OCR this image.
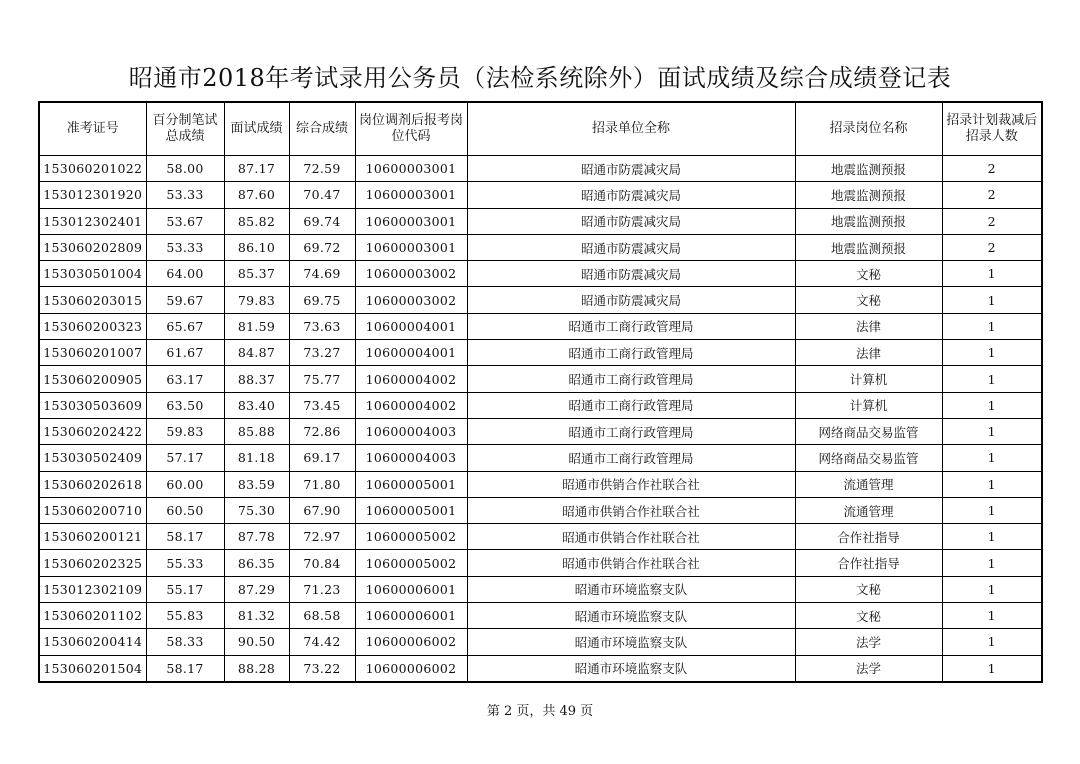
昭通市2018年考试录用公务员（法检系统除外）面试成绩及综合成绩登记表
准考证号	百分制笔试总成绩	面试成绩	综合成绩	岗位调剂后报考岗位代码	招录单位全称	招录岗位名称	招录计划裁减后招录人数
153060201022	58.00	87.17	72.59	10600003001	昭通市防震减灾局	地震监测预报	2
153012301920	53.33	87.60	70.47	10600003001	昭通市防震减灾局	地震监测预报	2
153012302401	53.67	85.82	69.74	10600003001	昭通市防震减灾局	地震监测预报	2
153060202809	53.33	86.10	69.72	10600003001	昭通市防震减灾局	地震监测预报	2
153030501004	64.00	85.37	74.69	10600003002	昭通市防震减灾局	文秘	1
153060203015	59.67	79.83	69.75	10600003002	昭通市防震减灾局	文秘	1
153060200323	65.67	81.59	73.63	10600004001	昭通市工商行政管理局	法律	1
153060201007	61.67	84.87	73.27	10600004001	昭通市工商行政管理局	法律	1
153060200905	63.17	88.37	75.77	10600004002	昭通市工商行政管理局	计算机	1
153030503609	63.50	83.40	73.45	10600004002	昭通市工商行政管理局	计算机	1
153060202422	59.83	85.88	72.86	10600004003	昭通市工商行政管理局	网络商品交易监管	1
153030502409	57.17	81.18	69.17	10600004003	昭通市工商行政管理局	网络商品交易监管	1
153060202618	60.00	83.59	71.80	10600005001	昭通市供销合作社联合社	流通管理	1
153060200710	60.50	75.30	67.90	10600005001	昭通市供销合作社联合社	流通管理	1
153060200121	58.17	87.78	72.97	10600005002	昭通市供销合作社联合社	合作社指导	1
153060202325	55.33	86.35	70.84	10600005002	昭通市供销合作社联合社	合作社指导	1
153012302109	55.17	87.29	71.23	10600006001	昭通市环境监察支队	文秘	1
153060201102	55.83	81.32	68.58	10600006001	昭通市环境监察支队	文秘	1
153060200414	58.33	90.50	74.42	10600006002	昭通市环境监察支队	法学	1
153060201504	58.17	88.28	73.22	10600006002	昭通市环境监察支队	法学	1
第 2 页，共 49 页
